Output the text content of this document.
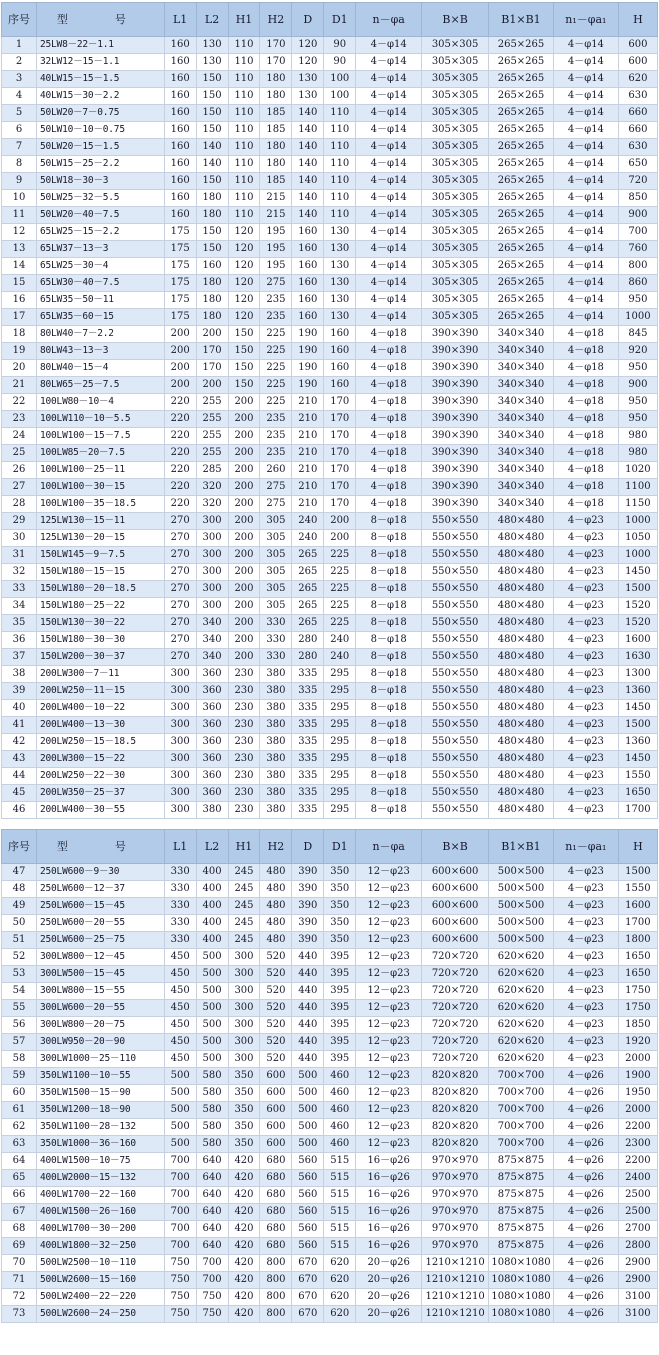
序号	型　号	L1	L2	H1	H2	D	D1	n－φa	B×B	B1×B1	n₁－φa₁	H
1	25LW8－22－1.1	160	130	110	170	120	90	4－φ14	305×305	265×265	4－φ14	600
2	32LW12－15－1.1	160	130	110	170	120	90	4－φ14	305×305	265×265	4－φ14	600
3	40LW15－15－1.5	160	150	110	180	130	100	4－φ14	305×305	265×265	4－φ14	620
4	40LW15－30－2.2	160	150	110	180	130	100	4－φ14	305×305	265×265	4－φ14	630
5	50LW20－7－0.75	160	150	110	185	140	110	4－φ14	305×305	265×265	4－φ14	660
6	50LW10－10－0.75	160	150	110	185	140	110	4－φ14	305×305	265×265	4－φ14	660
7	50LW20－15－1.5	160	140	110	180	140	110	4－φ14	305×305	265×265	4－φ14	630
8	50LW15－25－2.2	160	140	110	180	140	110	4－φ14	305×305	265×265	4－φ14	650
9	50LW18－30－3	160	150	110	185	140	110	4－φ14	305×305	265×265	4－φ14	720
10	50LW25－32－5.5	160	180	110	215	140	110	4－φ14	305×305	265×265	4－φ14	850
11	50LW20－40－7.5	160	180	110	215	140	110	4－φ14	305×305	265×265	4－φ14	900
12	65LW25－15－2.2	175	150	120	195	160	130	4－φ14	305×305	265×265	4－φ14	700
13	65LW37－13－3	175	150	120	195	160	130	4－φ14	305×305	265×265	4－φ14	760
14	65LW25－30－4	175	160	120	195	160	130	4－φ14	305×305	265×265	4－φ14	800
15	65LW30－40－7.5	175	180	120	275	160	130	4－φ14	305×305	265×265	4－φ14	860
16	65LW35－50－11	175	180	120	235	160	130	4－φ14	305×305	265×265	4－φ14	950
17	65LW35－60－15	175	180	120	235	160	130	4－φ14	305×305	265×265	4－φ14	1000
18	80LW40－7－2.2	200	200	150	225	190	160	4－φ18	390×390	340×340	4－φ18	845
19	80LW43－13－3	200	170	150	225	190	160	4－φ18	390×390	340×340	4－φ18	920
20	80LW40－15－4	200	170	150	225	190	160	4－φ18	390×390	340×340	4－φ18	950
21	80LW65－25－7.5	200	200	150	225	190	160	4－φ18	390×390	340×340	4－φ18	900
22	100LW80－10－4	220	255	200	225	210	170	4－φ18	390×390	340×340	4－φ18	950
23	100LW110－10－5.5	220	255	200	235	210	170	4－φ18	390×390	340×340	4－φ18	950
24	100LW100－15－7.5	220	255	200	235	210	170	4－φ18	390×390	340×340	4－φ18	980
25	100LW85－20－7.5	220	255	200	235	210	170	4－φ18	390×390	340×340	4－φ18	980
26	100LW100－25－11	220	285	200	260	210	170	4－φ18	390×390	340×340	4－φ18	1020
27	100LW100－30－15	220	320	200	275	210	170	4－φ18	390×390	340×340	4－φ18	1100
28	100LW100－35－18.5	220	320	200	275	210	170	4－φ18	390×390	340×340	4－φ18	1150
29	125LW130－15－11	270	300	200	305	240	200	8－φ18	550×550	480×480	4－φ23	1000
30	125LW130－20－15	270	300	200	305	240	200	8－φ18	550×550	480×480	4－φ23	1050
31	150LW145－9－7.5	270	300	200	305	265	225	8－φ18	550×550	480×480	4－φ23	1000
32	150LW180－15－15	270	300	200	305	265	225	8－φ18	550×550	480×480	4－φ23	1450
33	150LW180－20－18.5	270	300	200	305	265	225	8－φ18	550×550	480×480	4－φ23	1500
34	150LW180－25－22	270	300	200	305	265	225	8－φ18	550×550	480×480	4－φ23	1520
35	150LW130－30－22	270	340	200	330	265	225	8－φ18	550×550	480×480	4－φ23	1520
36	150LW180－30－30	270	340	200	330	280	240	8－φ18	550×550	480×480	4－φ23	1600
37	150LW200－30－37	270	340	200	330	280	240	8－φ18	550×550	480×480	4－φ23	1630
38	200LW300－7－11	300	360	230	380	335	295	8－φ18	550×550	480×480	4－φ23	1300
39	200LW250－11－15	300	360	230	380	335	295	8－φ18	550×550	480×480	4－φ23	1360
40	200LW400－10－22	300	360	230	380	335	295	8－φ18	550×550	480×480	4－φ23	1450
41	200LW400－13－30	300	360	230	380	335	295	8－φ18	550×550	480×480	4－φ23	1500
42	200LW250－15－18.5	300	360	230	380	335	295	8－φ18	550×550	480×480	4－φ23	1360
43	200LW300－15－22	300	360	230	380	335	295	8－φ18	550×550	480×480	4－φ23	1450
44	200LW250－22－30	300	360	230	380	335	295	8－φ18	550×550	480×480	4－φ23	1550
45	200LW350－25－37	300	360	230	380	335	295	8－φ18	550×550	480×480	4－φ23	1650
46	200LW400－30－55	300	380	230	380	335	295	8－φ18	550×550	480×480	4－φ23	1700
序号	型　号	L1	L2	H1	H2	D	D1	n－φa	B×B	B1×B1	n₁－φa₁	H
47	250LW600－9－30	330	400	245	480	390	350	12－φ23	600×600	500×500	4－φ23	1500
48	250LW600－12－37	330	400	245	480	390	350	12－φ23	600×600	500×500	4－φ23	1550
49	250LW600－15－45	330	400	245	480	390	350	12－φ23	600×600	500×500	4－φ23	1600
50	250LW600－20－55	330	400	245	480	390	350	12－φ23	600×600	500×500	4－φ23	1700
51	250LW600－25－75	330	400	245	480	390	350	12－φ23	600×600	500×500	4－φ23	1800
52	300LW800－12－45	450	500	300	520	440	395	12－φ23	720×720	620×620	4－φ23	1650
53	300LW500－15－45	450	500	300	520	440	395	12－φ23	720×720	620×620	4－φ23	1650
54	300LW800－15－55	450	500	300	520	440	395	12－φ23	720×720	620×620	4－φ23	1750
55	300LW600－20－55	450	500	300	520	440	395	12－φ23	720×720	620×620	4－φ23	1750
56	300LW800－20－75	450	500	300	520	440	395	12－φ23	720×720	620×620	4－φ23	1850
57	300LW950－20－90	450	500	300	520	440	395	12－φ23	720×720	620×620	4－φ23	1920
58	300LW1000－25－110	450	500	300	520	440	395	12－φ23	720×720	620×620	4－φ23	2000
59	350LW1100－10－55	500	580	350	600	500	460	12－φ23	820×820	700×700	4－φ26	1900
60	350LW1500－15－90	500	580	350	600	500	460	12－φ23	820×820	700×700	4－φ26	1950
61	350LW1200－18－90	500	580	350	600	500	460	12－φ23	820×820	700×700	4－φ26	2000
62	350LW1100－28－132	500	580	350	600	500	460	12－φ23	820×820	700×700	4－φ26	2200
63	350LW1000－36－160	500	580	350	600	500	460	12－φ23	820×820	700×700	4－φ26	2300
64	400LW1500－10－75	700	640	420	680	560	515	16－φ26	970×970	875×875	4－φ26	2200
65	400LW2000－15－132	700	640	420	680	560	515	16－φ26	970×970	875×875	4－φ26	2400
66	400LW1700－22－160	700	640	420	680	560	515	16－φ26	970×970	875×875	4－φ26	2500
67	400LW1500－26－160	700	640	420	680	560	515	16－φ26	970×970	875×875	4－φ26	2500
68	400LW1700－30－200	700	640	420	680	560	515	16－φ26	970×970	875×875	4－φ26	2700
69	400LW1800－32－250	700	640	420	680	560	515	16－φ26	970×970	875×875	4－φ26	2800
70	500LW2500－10－110	750	700	420	800	670	620	20－φ26	1210×1210	1080×1080	4－φ26	2900
71	500LW2600－15－160	750	700	420	800	670	620	20－φ26	1210×1210	1080×1080	4－φ26	2900
72	500LW2400－22－220	750	750	420	800	670	620	20－φ26	1210×1210	1080×1080	4－φ26	3100
73	500LW2600－24－250	750	750	420	800	670	620	20－φ26	1210×1210	1080×1080	4－φ26	3100
